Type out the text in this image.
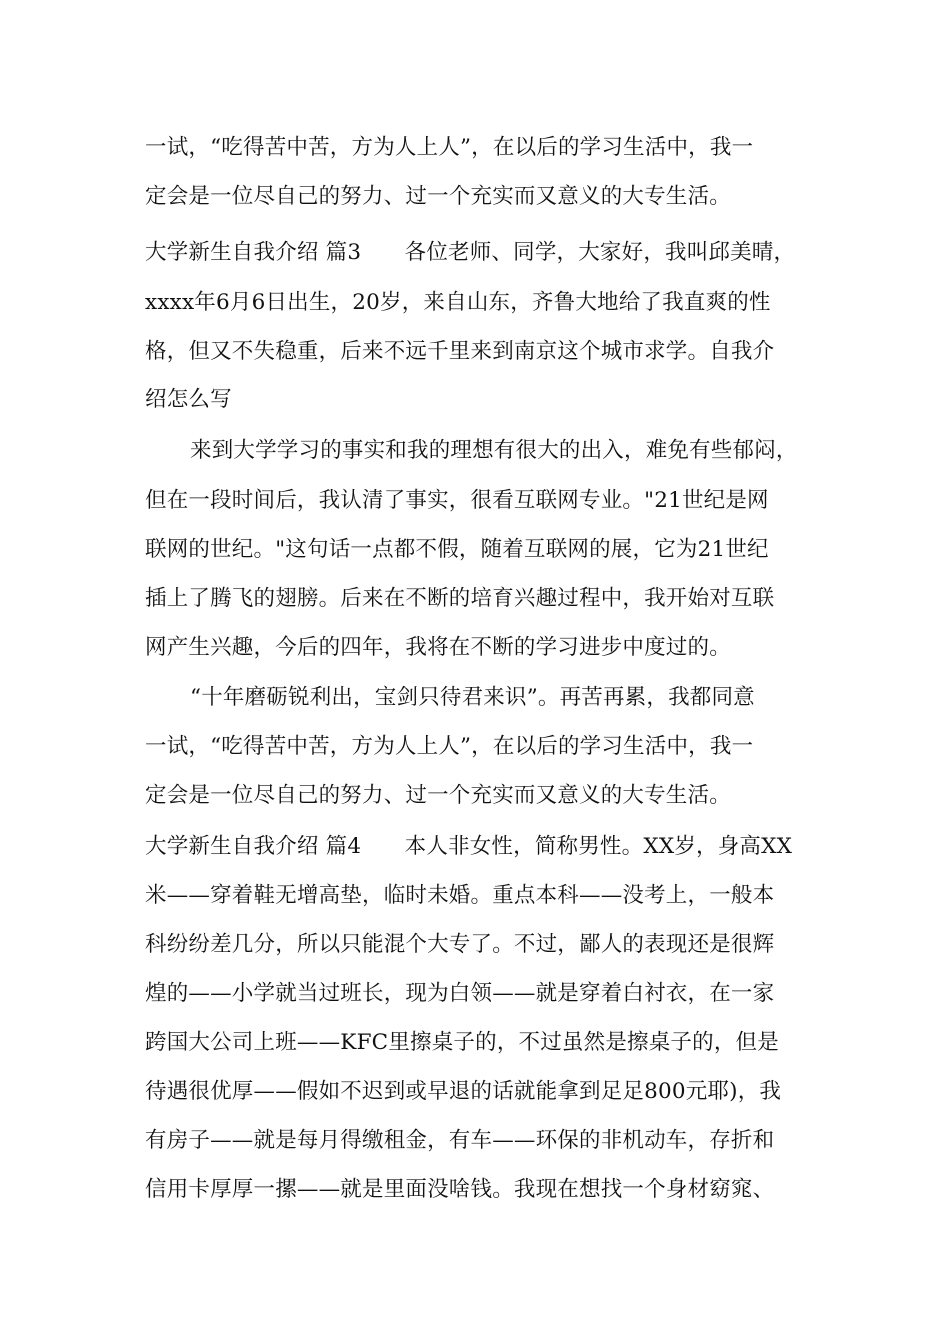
一试，“吃得苦中苦，方为人上人”，在以后的学习生活中，我一
定会是一位尽自己的努力、过一个充实而又意义的大专生活。
大学新生自我介绍 篇3　　各位老师、同学，大家好，我叫邱美晴，
xxxx年6月6日出生，20岁，来自山东，齐鲁大地给了我直爽的性
格，但又不失稳重，后来不远千里来到南京这个城市求学。自我介
绍怎么写
来到大学学习的事实和我的理想有很大的出入，难免有些郁闷，
但在一段时间后，我认清了事实，很看互联网专业。"21世纪是网
联网的世纪。"这句话一点都不假，随着互联网的展，它为21世纪
插上了腾飞的翅膀。后来在不断的培育兴趣过程中，我开始对互联
网产生兴趣，今后的四年，我将在不断的学习进步中度过的。
“十年磨砺锐利出，宝剑只待君来识”。再苦再累，我都同意
一试，“吃得苦中苦，方为人上人”，在以后的学习生活中，我一
定会是一位尽自己的努力、过一个充实而又意义的大专生活。
大学新生自我介绍 篇4　　本人非女性，简称男性。XX岁，身高XX
米——穿着鞋无增高垫，临时未婚。重点本科——没考上，一般本
科纷纷差几分，所以只能混个大专了。不过，鄙人的表现还是很辉
煌的——小学就当过班长，现为白领——就是穿着白衬衣，在一家
跨国大公司上班——KFC里擦桌子的，不过虽然是擦桌子的，但是
待遇很优厚——假如不迟到或早退的话就能拿到足足800元耶)，我
有房子——就是每月得缴租金，有车——环保的非机动车，存折和
信用卡厚厚一摞——就是里面没啥钱。我现在想找一个身材窈窕、
